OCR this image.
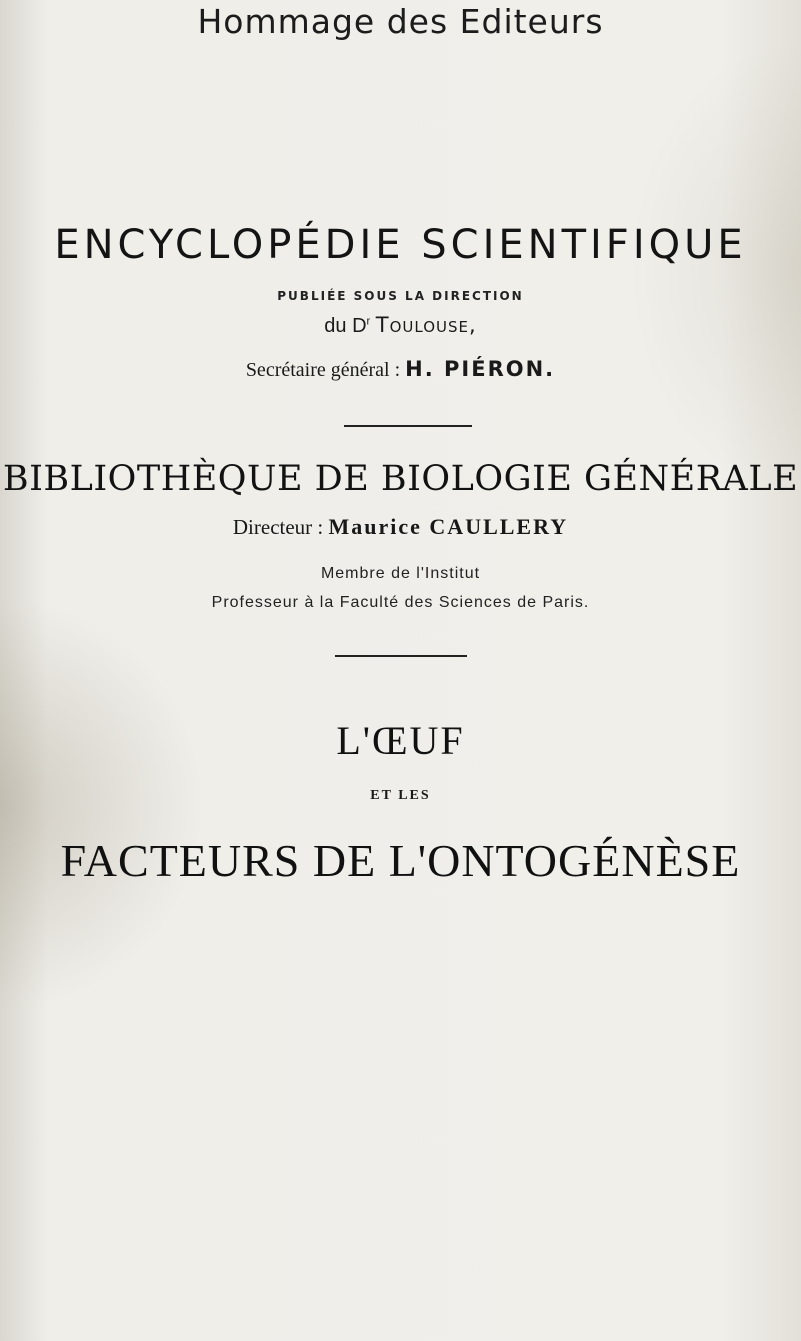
Hommage des Editeurs
ENCYCLOPÉDIE SCIENTIFIQUE
PUBLIÉE SOUS LA DIRECTION
du $D^r$ Toulouse,
Secrétaire général : H. PIÉRON.
BIBLIOTHÈQUE DE BIOLOGIE GÉNÉRALE
Directeur : Maurice CAULLERY
Membre de l'Institut
Professeur à la Faculté des Sciences de Paris.
L'ŒUF
ET LES
FACTEURS DE L'ONTOGÉNÈSE
